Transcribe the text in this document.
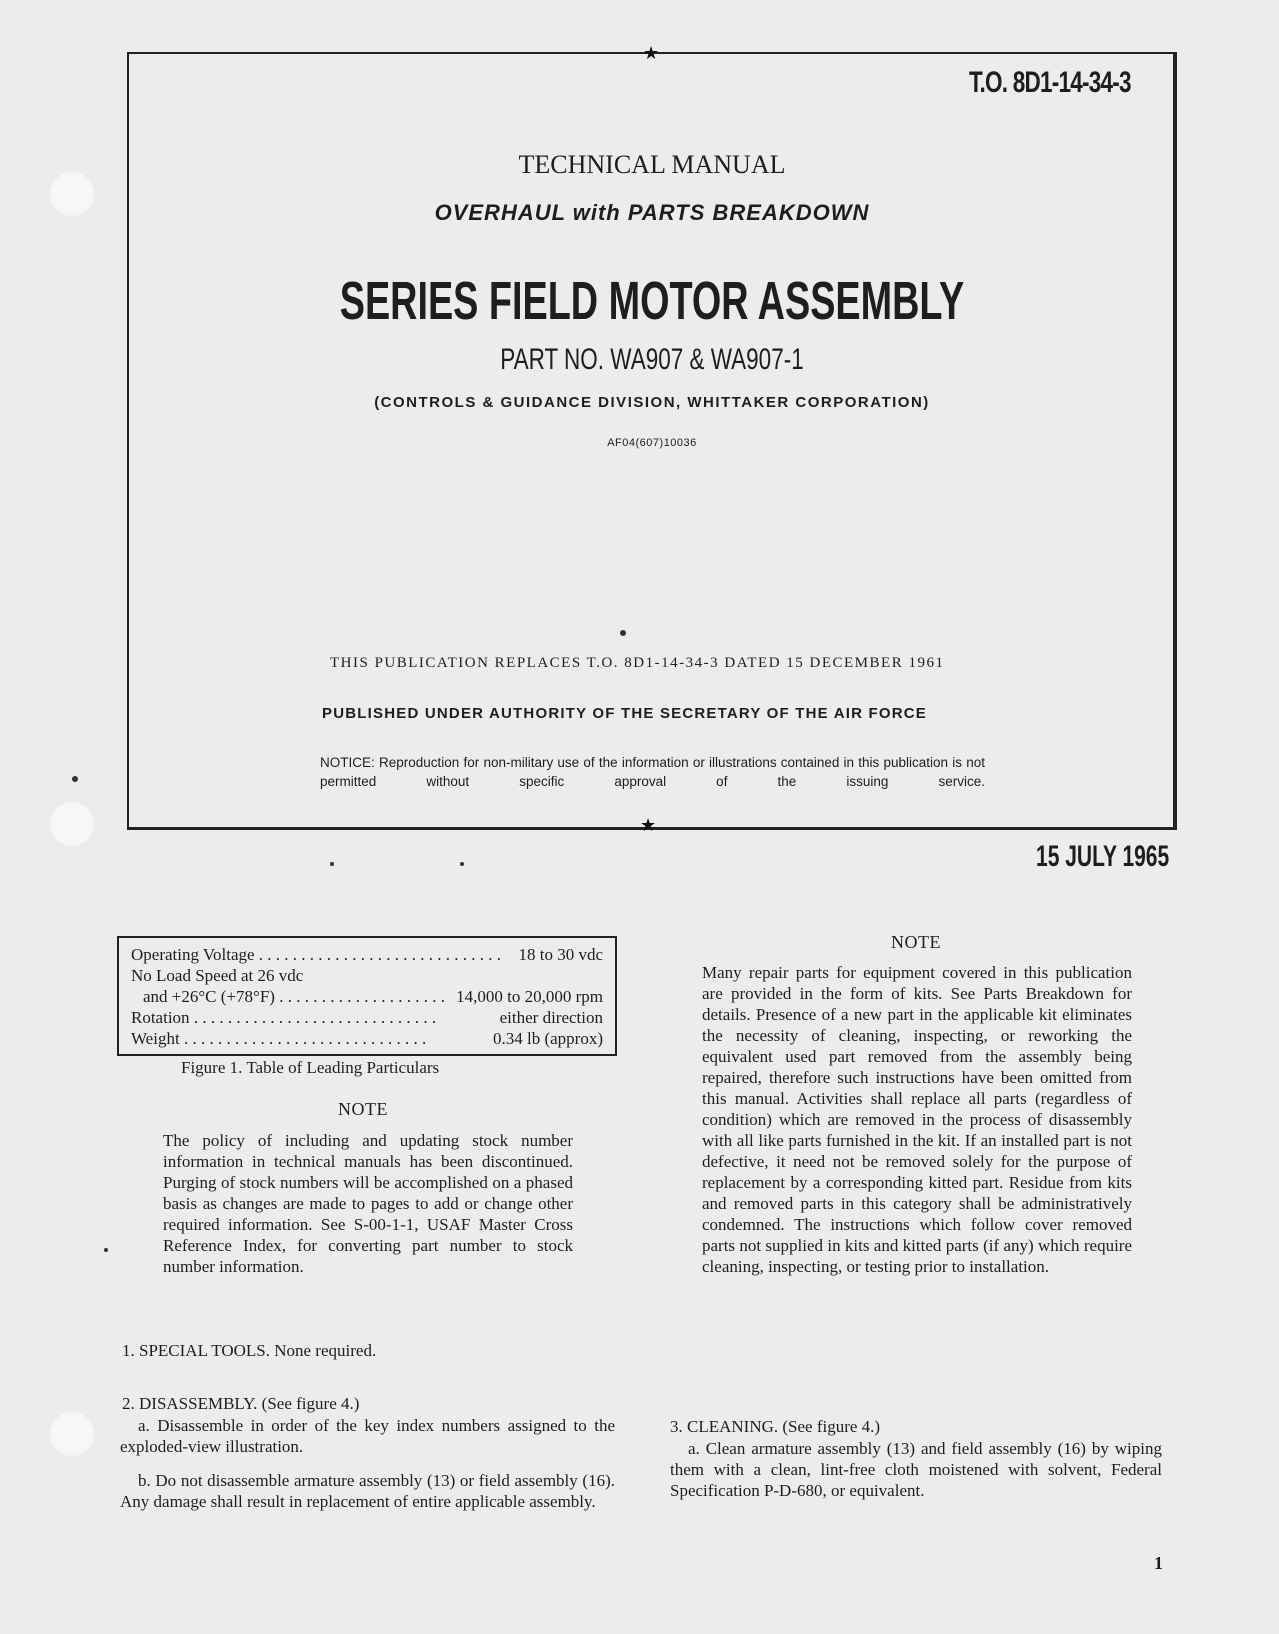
★
★
T.O. 8D1-14-34-3
TECHNICAL MANUAL
OVERHAUL with PARTS BREAKDOWN
SERIES FIELD MOTOR ASSEMBLY
PART NO. WA907 & WA907-1
(CONTROLS & GUIDANCE DIVISION, WHITTAKER CORPORATION)
AF04(607)10036
THIS PUBLICATION REPLACES T.O. 8D1-14-34-3 DATED 15 DECEMBER 1961
PUBLISHED UNDER AUTHORITY OF THE SECRETARY OF THE AIR FORCE
NOTICE: Reproduction for non-military use of the information or illustrations contained in this publication is not permitted without specific approval of the issuing service.
15 JULY 1965
Operating Voltage . . .	18 to 30 vdc
No Load Speed at 26 vdc
and +26°C (+78°F) . . .	14,000 to 20,000 rpm
Rotation . . .	either direction
Weight . . .	0.34 lb (approx)
Figure 1. Table of Leading Particulars
NOTE
The policy of including and updating stock number information in technical manuals has been discontinued. Purging of stock numbers will be accomplished on a phased basis as changes are made to pages to add or change other required information. See S-00-1-1, USAF Master Cross Reference Index, for converting part number to stock number information.
1. SPECIAL TOOLS. None required.
2. DISASSEMBLY. (See figure 4.)
a. Disassemble in order of the key index numbers assigned to the exploded-view illustration.
b. Do not disassemble armature assembly (13) or field assembly (16). Any damage shall result in replacement of entire applicable assembly.
NOTE
Many repair parts for equipment covered in this publication are provided in the form of kits. See Parts Breakdown for details. Presence of a new part in the applicable kit eliminates the necessity of cleaning, inspecting, or reworking the equivalent used part removed from the assembly being repaired, therefore such instructions have been omitted from this manual. Activities shall replace all parts (regardless of condition) which are removed in the process of disassembly with all like parts furnished in the kit. If an installed part is not defective, it need not be removed solely for the purpose of replacement by a corresponding kitted part. Residue from kits and removed parts in this category shall be administratively condemned. The instructions which follow cover removed parts not supplied in kits and kitted parts (if any) which require cleaning, inspecting, or testing prior to installation.
3. CLEANING. (See figure 4.)
a. Clean armature assembly (13) and field assembly (16) by wiping them with a clean, lint-free cloth moistened with solvent, Federal Specification P-D-680, or equivalent.
1
